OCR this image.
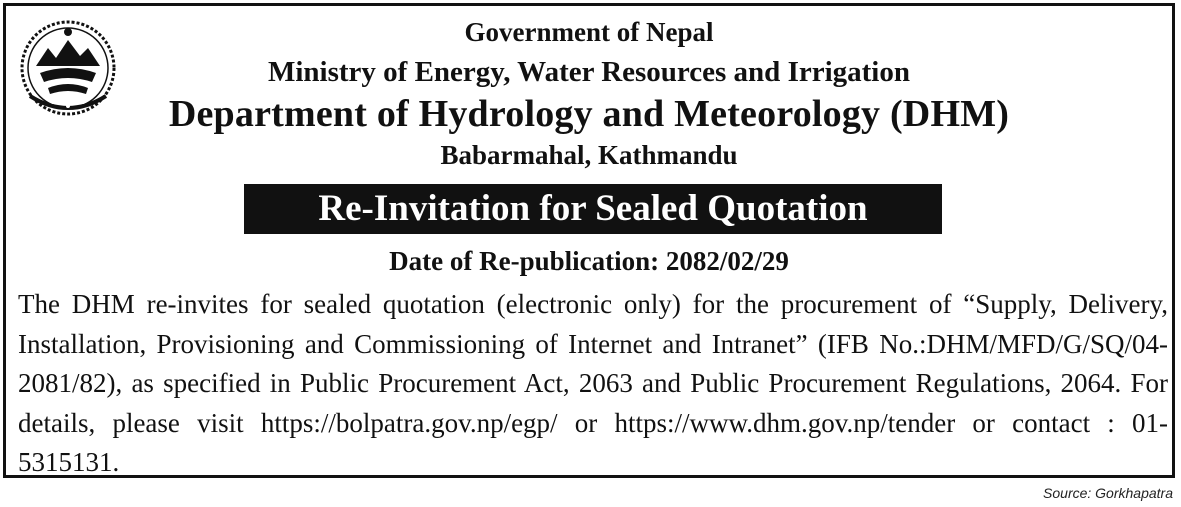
Government of Nepal
Ministry of Energy, Water Resources and Irrigation
Department of Hydrology and Meteorology (DHM)
Babarmahal, Kathmandu
Re-Invitation for Sealed Quotation
Date of Re-publication: 2082/02/29
The DHM re-invites for sealed quotation (electronic only) for the procurement of “Supply, Delivery, Installation, Provisioning and Commissioning of Internet and Intranet” (IFB No.:DHM/MFD/G/SQ/04-2081/82), as specified in Public Procurement Act, 2063 and Public Procurement Regulations, 2064. For details, please visit https://bolpatra.gov.np/egp/ or https://www.dhm.gov.np/tender or contact : 01-5315131.
Source: Gorkhapatra
